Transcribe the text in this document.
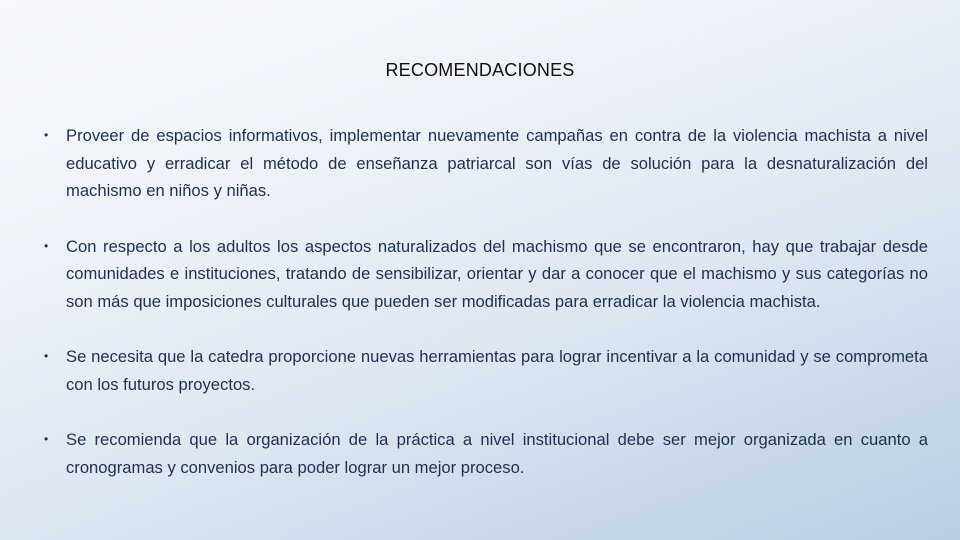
RECOMENDACIONES
• Proveer de espacios informativos, implementar nuevamente campañas en contra de la violencia machista a nivel educativo y erradicar el método de enseñanza patriarcal son vías de solución para la desnaturalización del machismo en niños y niñas.
• Con respecto a los adultos los aspectos naturalizados del machismo que se encontraron, hay que trabajar desde comunidades e instituciones, tratando de sensibilizar, orientar y dar a conocer que el machismo y sus categorías no son más que imposiciones culturales que pueden ser modificadas para erradicar la violencia machista.
• Se necesita que la catedra proporcione nuevas herramientas para lograr incentivar a la comunidad y se comprometa con los futuros proyectos.
• Se recomienda que la organización de la práctica a nivel institucional debe ser mejor organizada en cuanto a cronogramas y convenios para poder lograr un mejor proceso.
